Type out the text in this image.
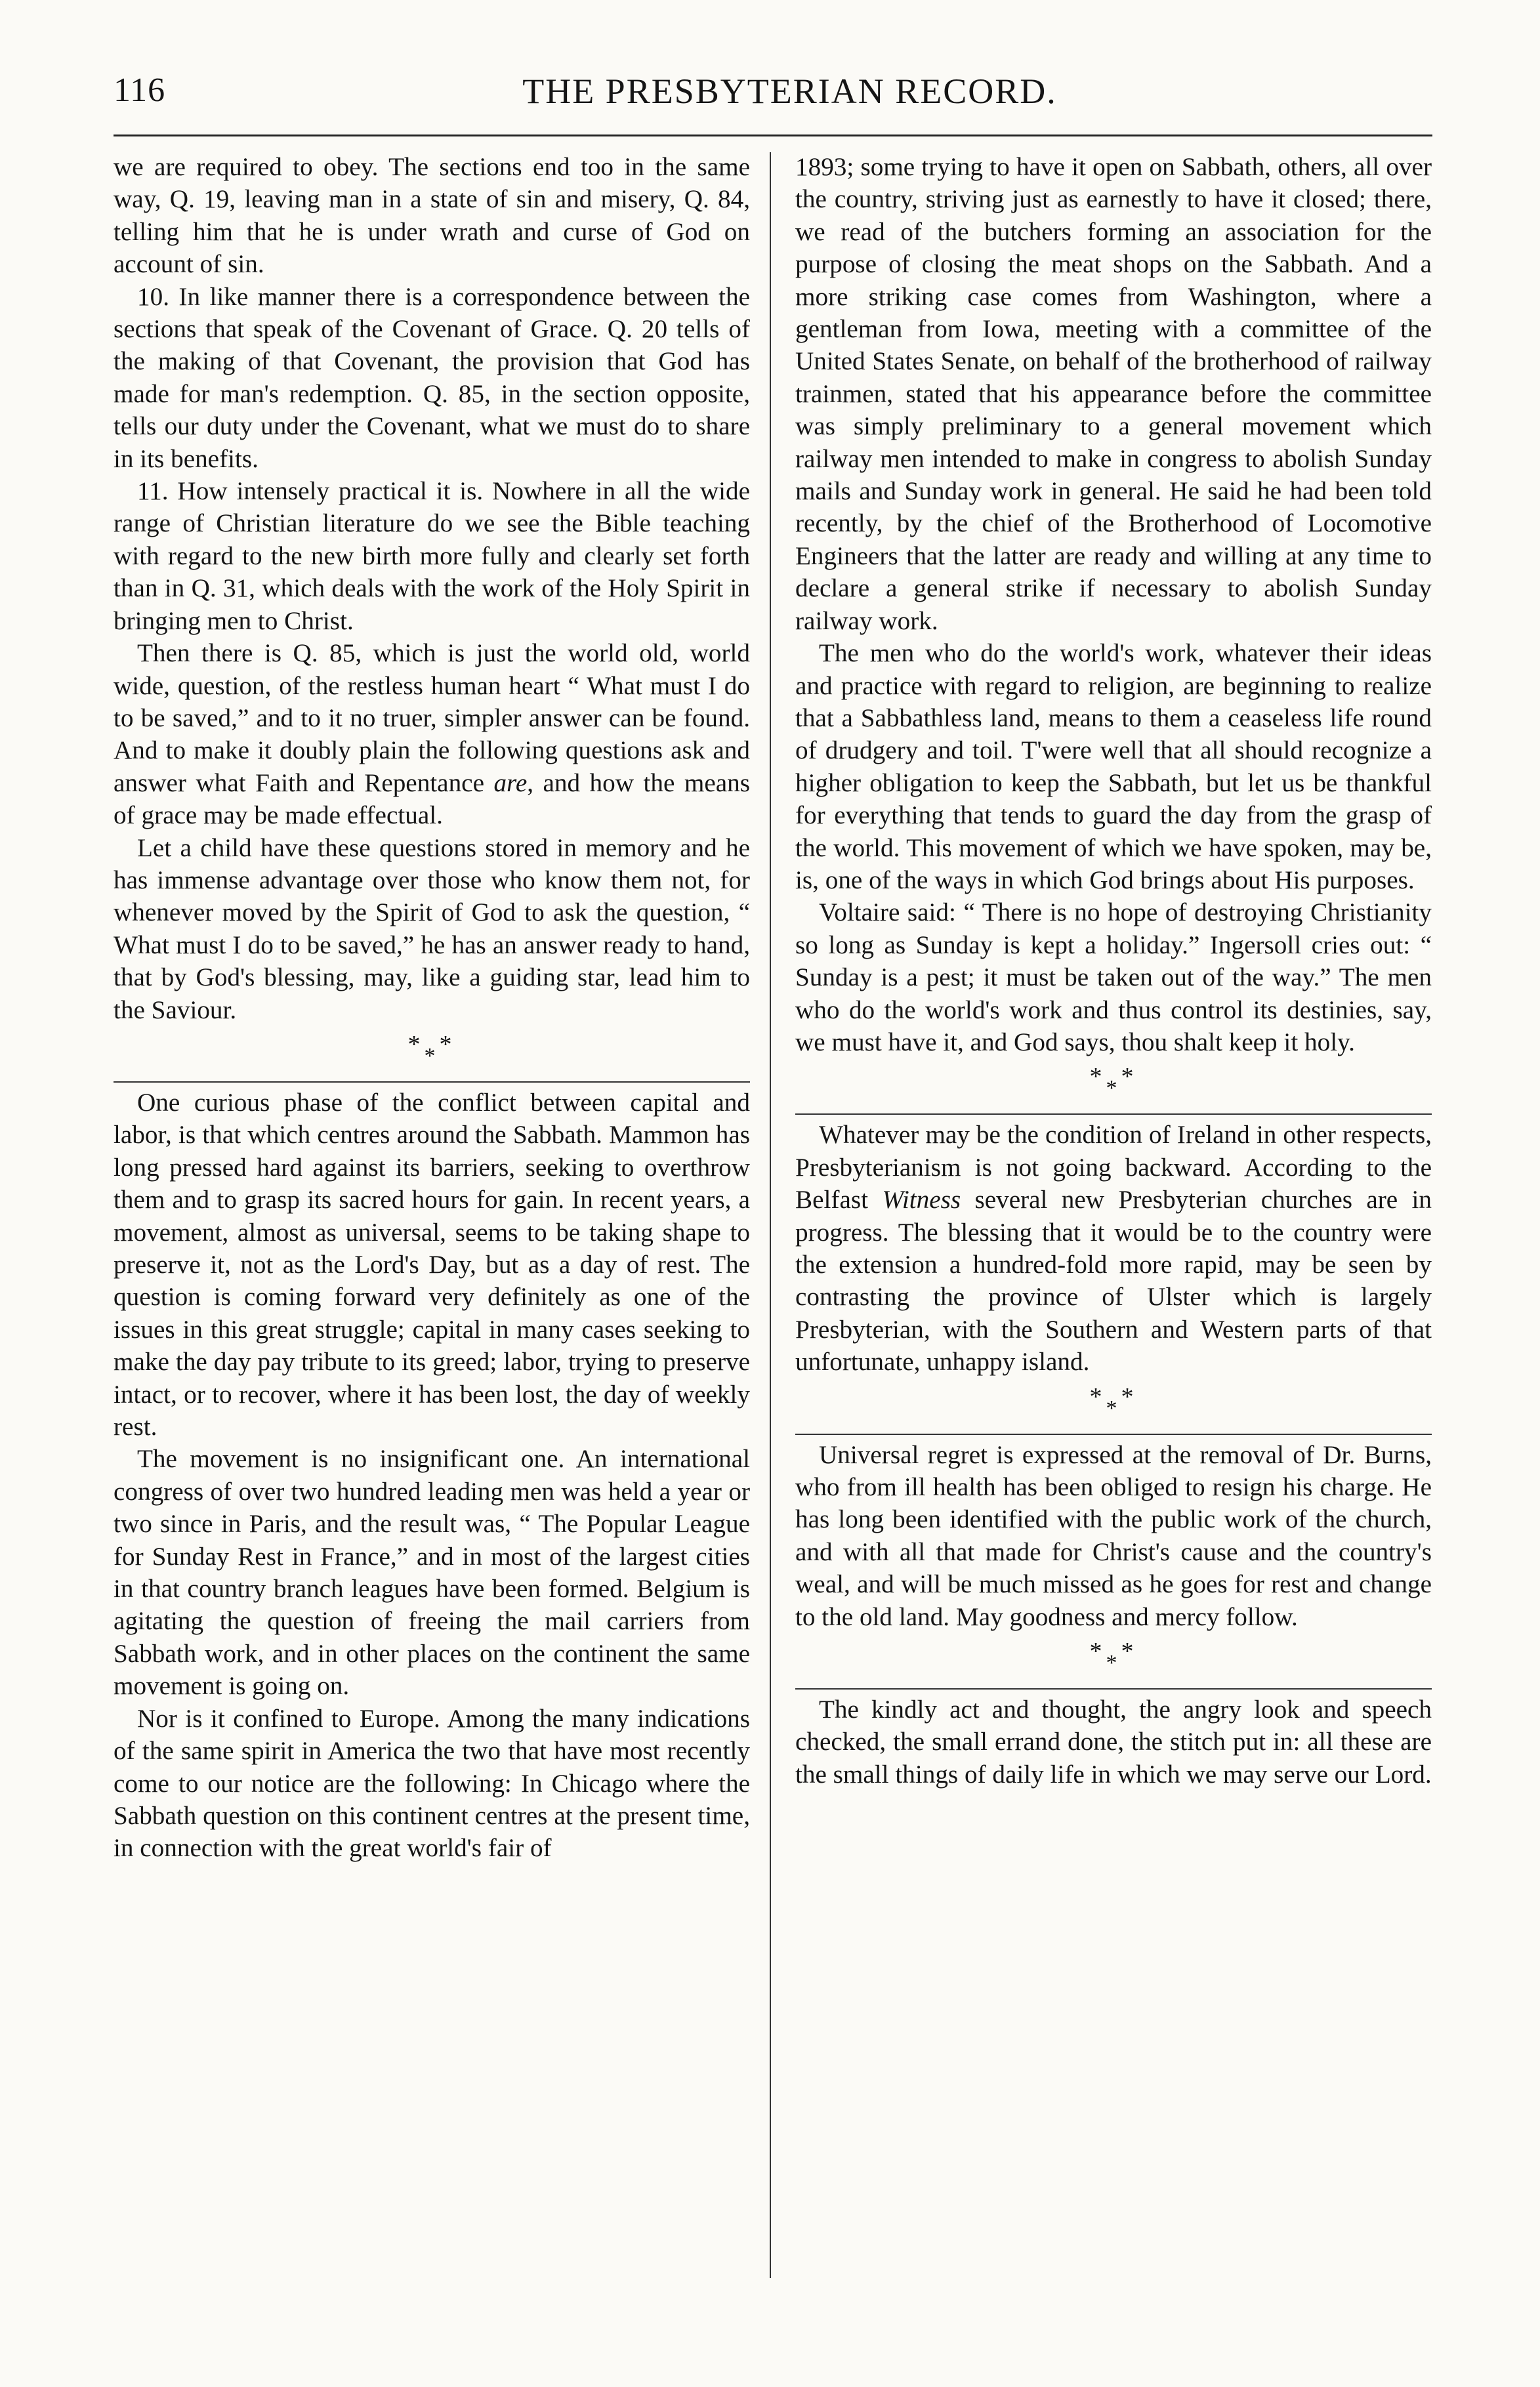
116	THE PRESBYTERIAN RECORD.

we are required to obey. The sections end too in the same way, Q. 19, leaving man in a state of sin and misery, Q. 84, telling him that he is under wrath and curse of God on account of sin.

10. In like manner there is a correspondence between the sections that speak of the Covenant of Grace. Q. 20 tells of the making of that Covenant, the provision that God has made for man's redemption. Q. 85, in the section opposite, tells our duty under the Covenant, what we must do to share in its benefits.

11. How intensely practical it is. Nowhere in all the wide range of Christian literature do we see the Bible teaching with regard to the new birth more fully and clearly set forth than in Q. 31, which deals with the work of the Holy Spirit in bringing men to Christ.

Then there is Q. 85, which is just the world old, world wide, question, of the restless human heart “ What must I do to be saved,” and to it no truer, simpler answer can be found. And to make it doubly plain the following questions ask and answer what Faith and Repentance are, and how the means of grace may be made effectual.

Let a child have these questions stored in memory and he has immense advantage over those who know them not, for whenever moved by the Spirit of God to ask the question, “ What must I do to be saved,” he has an answer ready to hand, that by God's blessing, may, like a guiding star, lead him to the Saviour.

***

One curious phase of the conflict between capital and labor, is that which centres around the Sabbath. Mammon has long pressed hard against its barriers, seeking to overthrow them and to grasp its sacred hours for gain. In recent years, a movement, almost as universal, seems to be taking shape to preserve it, not as the Lord's Day, but as a day of rest. The question is coming forward very definitely as one of the issues in this great struggle; capital in many cases seeking to make the day pay tribute to its greed; labor, trying to preserve intact, or to recover, where it has been lost, the day of weekly rest.

The movement is no insignificant one. An international congress of over two hundred leading men was held a year or two since in Paris, and the result was, “ The Popular League for Sunday Rest in France,” and in most of the largest cities in that country branch leagues have been formed. Belgium is agitating the question of freeing the mail carriers from Sabbath work, and in other places on the continent the same movement is going on.

Nor is it confined to Europe. Among the many indications of the same spirit in America the two that have most recently come to our notice are the following: In Chicago where the Sabbath question on this continent centres at the present time, in connection with the great world's fair of

1893; some trying to have it open on Sabbath, others, all over the country, striving just as earnestly to have it closed; there, we read of the butchers forming an association for the purpose of closing the meat shops on the Sabbath. And a more striking case comes from Washington, where a gentleman from Iowa, meeting with a committee of the United States Senate, on behalf of the brotherhood of railway trainmen, stated that his appearance before the committee was simply preliminary to a general movement which railway men intended to make in congress to abolish Sunday mails and Sunday work in general. He said he had been told recently, by the chief of the Brotherhood of Locomotive Engineers that the latter are ready and willing at any time to declare a general strike if necessary to abolish Sunday railway work.

The men who do the world's work, whatever their ideas and practice with regard to religion, are beginning to realize that a Sabbathless land, means to them a ceaseless life round of drudgery and toil. T'were well that all should recognize a higher obligation to keep the Sabbath, but let us be thankful for everything that tends to guard the day from the grasp of the world. This movement of which we have spoken, may be, is, one of the ways in which God brings about His purposes.

Voltaire said: “ There is no hope of destroying Christianity so long as Sunday is kept a holiday.” Ingersoll cries out: “ Sunday is a pest; it must be taken out of the way.” The men who do the world's work and thus control its destinies, say, we must have it, and God says, thou shalt keep it holy.

***

Whatever may be the condition of Ireland in other respects, Presbyterianism is not going backward. According to the Belfast Witness several new Presbyterian churches are in progress. The blessing that it would be to the country were the extension a hundred-fold more rapid, may be seen by contrasting the province of Ulster which is largely Presbyterian, with the Southern and Western parts of that unfortunate, unhappy island.

***

Universal regret is expressed at the removal of Dr. Burns, who from ill health has been obliged to resign his charge. He has long been identified with the public work of the church, and with all that made for Christ's cause and the country's weal, and will be much missed as he goes for rest and change to the old land. May goodness and mercy follow.

***

The kindly act and thought, the angry look and speech checked, the small errand done, the stitch put in: all these are the small things of daily life in which we may serve our Lord.
